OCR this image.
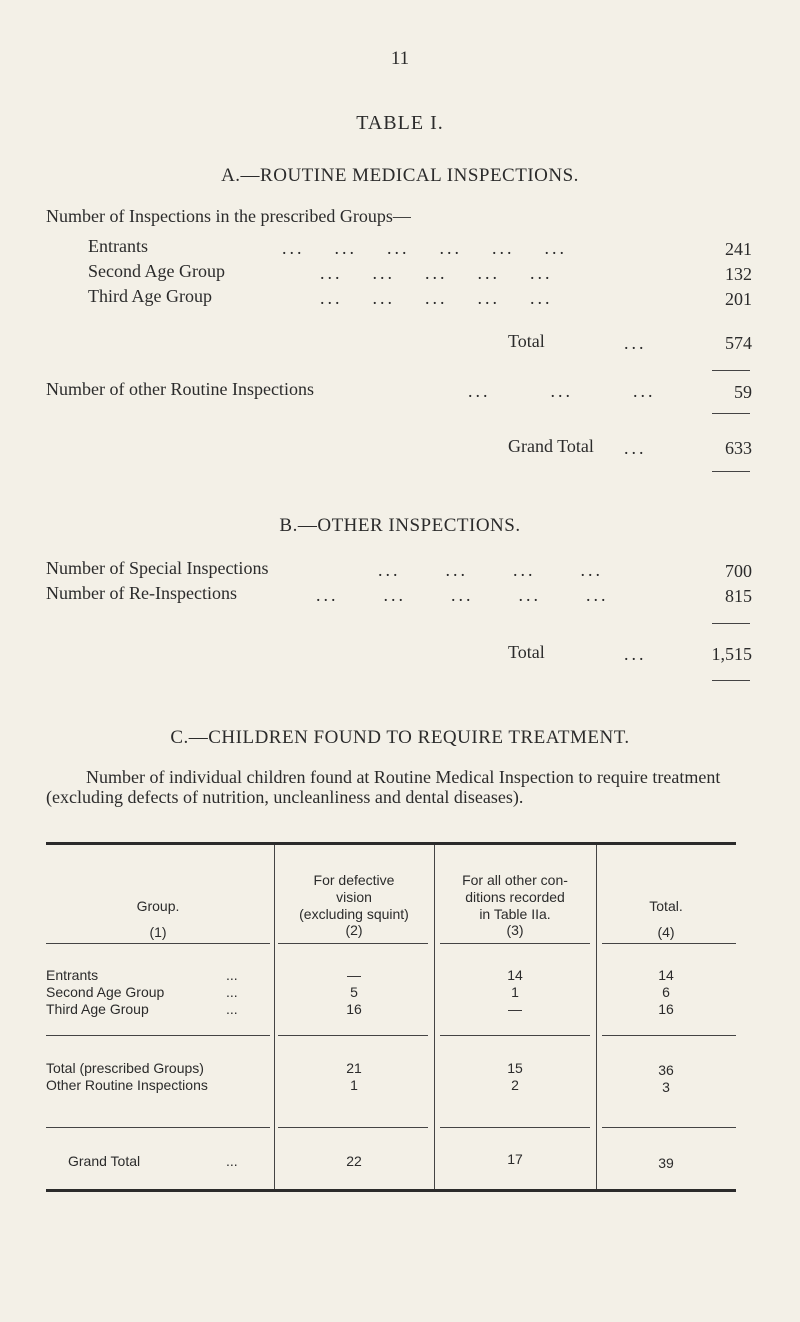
11
TABLE I.
A.—ROUTINE MEDICAL INSPECTIONS.
Number of Inspections in the prescribed Groups—
Entrants	...    ...    ...    ...    ...    ...	241
Second Age Group	...    ...    ...    ...    ...	132
Third Age Group	...    ...    ...    ...    ...	201
Total	...	574
Number of other Routine Inspections	...        ...        ...	59
Grand Total ...	633
B.—OTHER INSPECTIONS.
Number of Special Inspections	...      ...      ...      ...	700
Number of Re-Inspections	...      ...      ...      ...      ...	815
Total	...	1,515
C.—CHILDREN FOUND TO REQUIRE TREATMENT.
Number of individual children found at Routine Medical Inspection to require treatment (excluding defects of nutrition, uncleanliness and dental diseases).
Group.
(1)
For defective
vision
(excluding squint)
(2)
For all other con-
ditions recorded
in Table IIa.
(3)
Total.
(4)
Entrants	...	—	14	14
Second Age Group	...	5	1	6
Third Age Group	...	16	—	16
Total (prescribed Groups)	21	15	36
Other Routine Inspections	1	2	3
Grand Total	...	22	17	39
